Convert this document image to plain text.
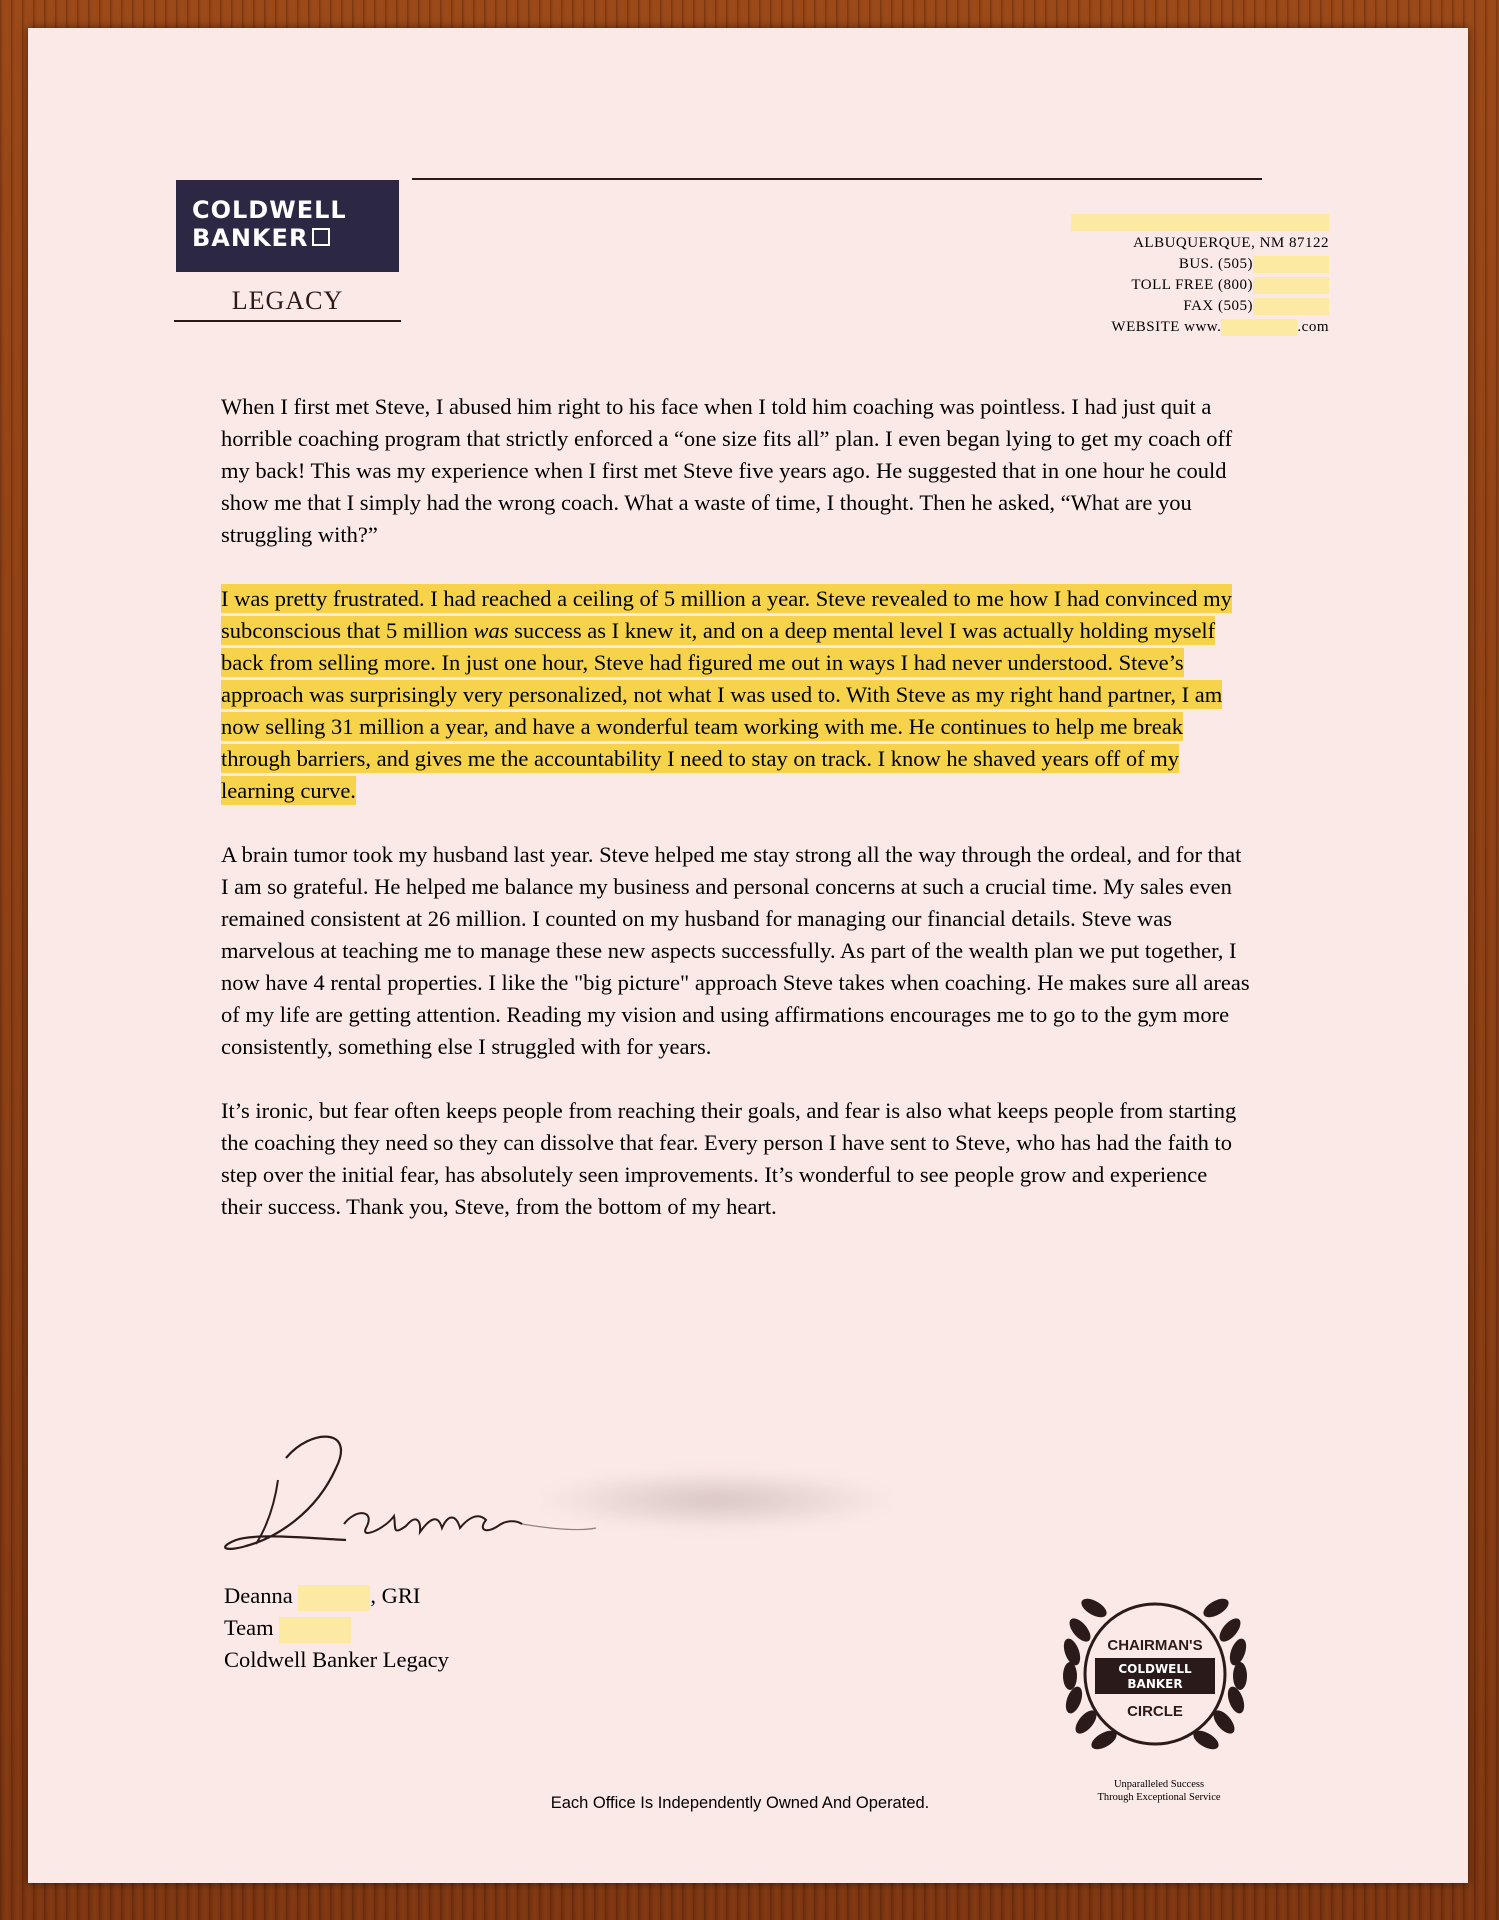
COLDWELL
BANKER
LEGACY
ALBUQUERQUE, NM 87122
BUS. (505)
TOLL FREE (800)
FAX (505)
WEBSITE www.	.com

When I first met Steve, I abused him right to his face when I told him coaching was pointless. I had just quit a horrible coaching program that strictly enforced a “one size fits all” plan. I even began lying to get my coach off my back! This was my experience when I first met Steve five years ago. He suggested that in one hour he could show me that I simply had the wrong coach. What a waste of time, I thought. Then he asked, “What are you struggling with?”

I was pretty frustrated. I had reached a ceiling of 5 million a year. Steve revealed to me how I had convinced my subconscious that 5 million was success as I knew it, and on a deep mental level I was actually holding myself back from selling more. In just one hour, Steve had figured me out in ways I had never understood. Steve’s approach was surprisingly very personalized, not what I was used to. With Steve as my right hand partner, I am now selling 31 million a year, and have a wonderful team working with me. He continues to help me break through barriers, and gives me the accountability I need to stay on track. I know he shaved years off of my learning curve.

A brain tumor took my husband last year. Steve helped me stay strong all the way through the ordeal, and for that I am so grateful. He helped me balance my business and personal concerns at such a crucial time. My sales even remained consistent at 26 million. I counted on my husband for managing our financial details. Steve was marvelous at teaching me to manage these new aspects successfully. As part of the wealth plan we put together, I now have 4 rental properties. I like the "big picture" approach Steve takes when coaching. He makes sure all areas of my life are getting attention. Reading my vision and using affirmations encourages me to go to the gym more consistently, something else I struggled with for years.

It’s ironic, but fear often keeps people from reaching their goals, and fear is also what keeps people from starting the coaching they need so they can dissolve that fear. Every person I have sent to Steve, who has had the faith to step over the initial fear, has absolutely seen improvements. It’s wonderful to see people grow and experience their success. Thank you, Steve, from the bottom of my heart.

Deanna	, GRI
Team
Coldwell Banker Legacy
CHAIRMAN'S
COLDWELL
BANKER
CIRCLE
Unparalleled Success
Through Exceptional Service
Each Office Is Independently Owned And Operated.
